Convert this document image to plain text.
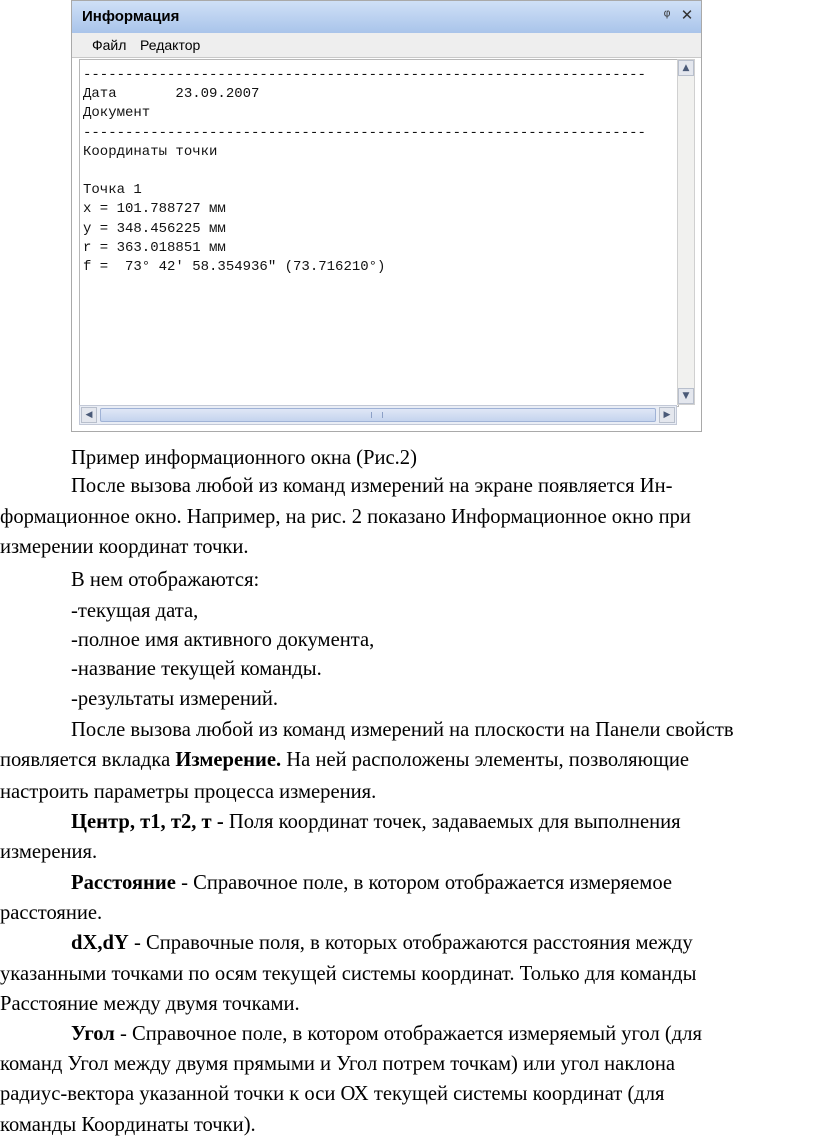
Информация	ᵠ ✕
Файл Редактор
-------------------------------------------------------------------
Дата       23.09.2007
Документ
-------------------------------------------------------------------
Координаты точки
Точка 1
x = 101.788727 мм
y = 348.456225 мм
r = 363.018851 мм
f =  73° 42' 58.354936" (73.716210°)
▲
▼
◀	▶

Пример информационного окна (Рис.2)

После вызова любой из команд измерений на экране появляется Ин-

формационное окно. Например, на рис. 2 показано Информационное окно при

измерении координат точки.

В нем отображаются:

-текущая дата,

-полное имя активного документа,

-название текущей команды.

-результаты измерений.

После вызова любой из команд измерений на плоскости на Панели свойств

появляется вкладка Измерение. На ней расположены элементы, позволяющие

настроить параметры процесса измерения.

Центр, т1, т2, т - Поля координат точек, задаваемых для выполнения

измерения.

Расстояние - Справочное поле, в котором отображается измеряемое

расстояние.

dX,dY - Справочные поля, в которых отображаются расстояния между

указанными точками по осям текущей системы координат. Только для команды

Расстояние между двумя точками.

Угол - Справочное поле, в котором отображается измеряемый угол (для

команд Угол между двумя прямыми и Угол потрем точкам) или угол наклона

радиус-вектора указанной точки к оси ОХ текущей системы координат (для

команды Координаты точки).
